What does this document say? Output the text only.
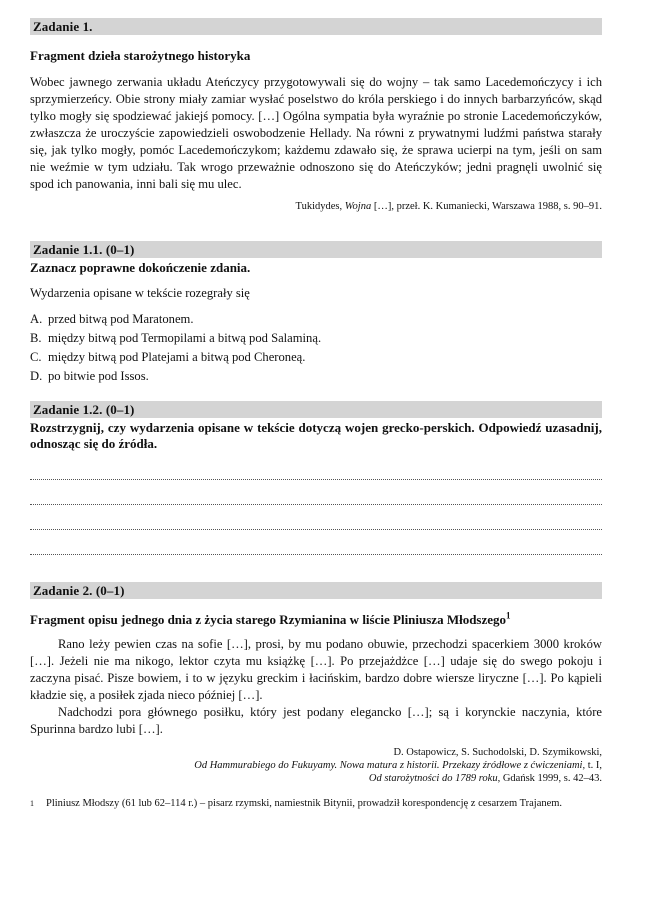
Zadanie 1.
Fragment dzieła starożytnego historyka

Wobec jawnego zerwania układu Ateńczycy przygotowywali się do wojny – tak samo Lacedemończycy i ich sprzymierzeńcy. Obie strony miały zamiar wysłać poselstwo do króla perskiego i do innych barbarzyńców, skąd tylko mogły się spodziewać jakiejś pomocy. […] Ogólna sympatia była wyraźnie po stronie Lacedemończyków, zwłaszcza że uroczyście zapowiedzieli oswobodzenie Hellady. Na równi z prywatnymi ludźmi państwa starały się, jak tylko mogły, pomóc Lacedemończykom; każdemu zdawało się, że sprawa ucierpi na tym, jeśli on sam nie weźmie w tym udziału. Tak wrogo przeważnie odnoszono się do Ateńczyków; jedni pragnęli uwolnić się spod ich panowania, inni bali się mu ulec.

Tukidydes, Wojna […], przeł. K. Kumaniecki, Warszawa 1988, s. 90–91.
Zadanie 1.1. (0–1)
Zaznacz poprawne dokończenie zdania.

Wydarzenia opisane w tekście rozegrały się

A. przed bitwą pod Maratonem.
B. między bitwą pod Termopilami a bitwą pod Salaminą.
C. między bitwą pod Platejami a bitwą pod Cheroneą.
D. po bitwie pod Issos.
Zadanie 1.2. (0–1)
Rozstrzygnij, czy wydarzenia opisane w tekście dotyczą wojen grecko-perskich. Odpowiedź uzasadnij, odnosząc się do źródła.
Zadanie 2. (0–1)
Fragment opisu jednego dnia z życia starego Rzymianina w liście Pliniusza Młodszego$^1$

Rano leży pewien czas na sofie […], prosi, by mu podano obuwie, przechodzi spacerkiem 3000 kroków […]. Jeżeli nie ma nikogo, lektor czyta mu książkę […]. Po przejażdżce […] udaje się do swego pokoju i zaczyna pisać. Pisze bowiem, i to w języku greckim i łacińskim, bardzo dobre wiersze liryczne […]. Po kąpieli kładzie się, a posiłek zjada nieco później […].

Nadchodzi pora głównego posiłku, który jest podany elegancko […]; są i korynckie naczynia, które Spurinna bardzo lubi […].

D. Ostapowicz, S. Suchodolski, D. Szymikowski,
Od Hammurabiego do Fukuyamy. Nowa matura z historii. Przekazy źródłowe z ćwiczeniami, t. I,
Od starożytności do 1789 roku, Gdańsk 1999, s. 42–43.
1	Pliniusz Młodszy (61 lub 62–114 r.) – pisarz rzymski, namiestnik Bitynii, prowadził korespondencję z cesarzem Trajanem.
